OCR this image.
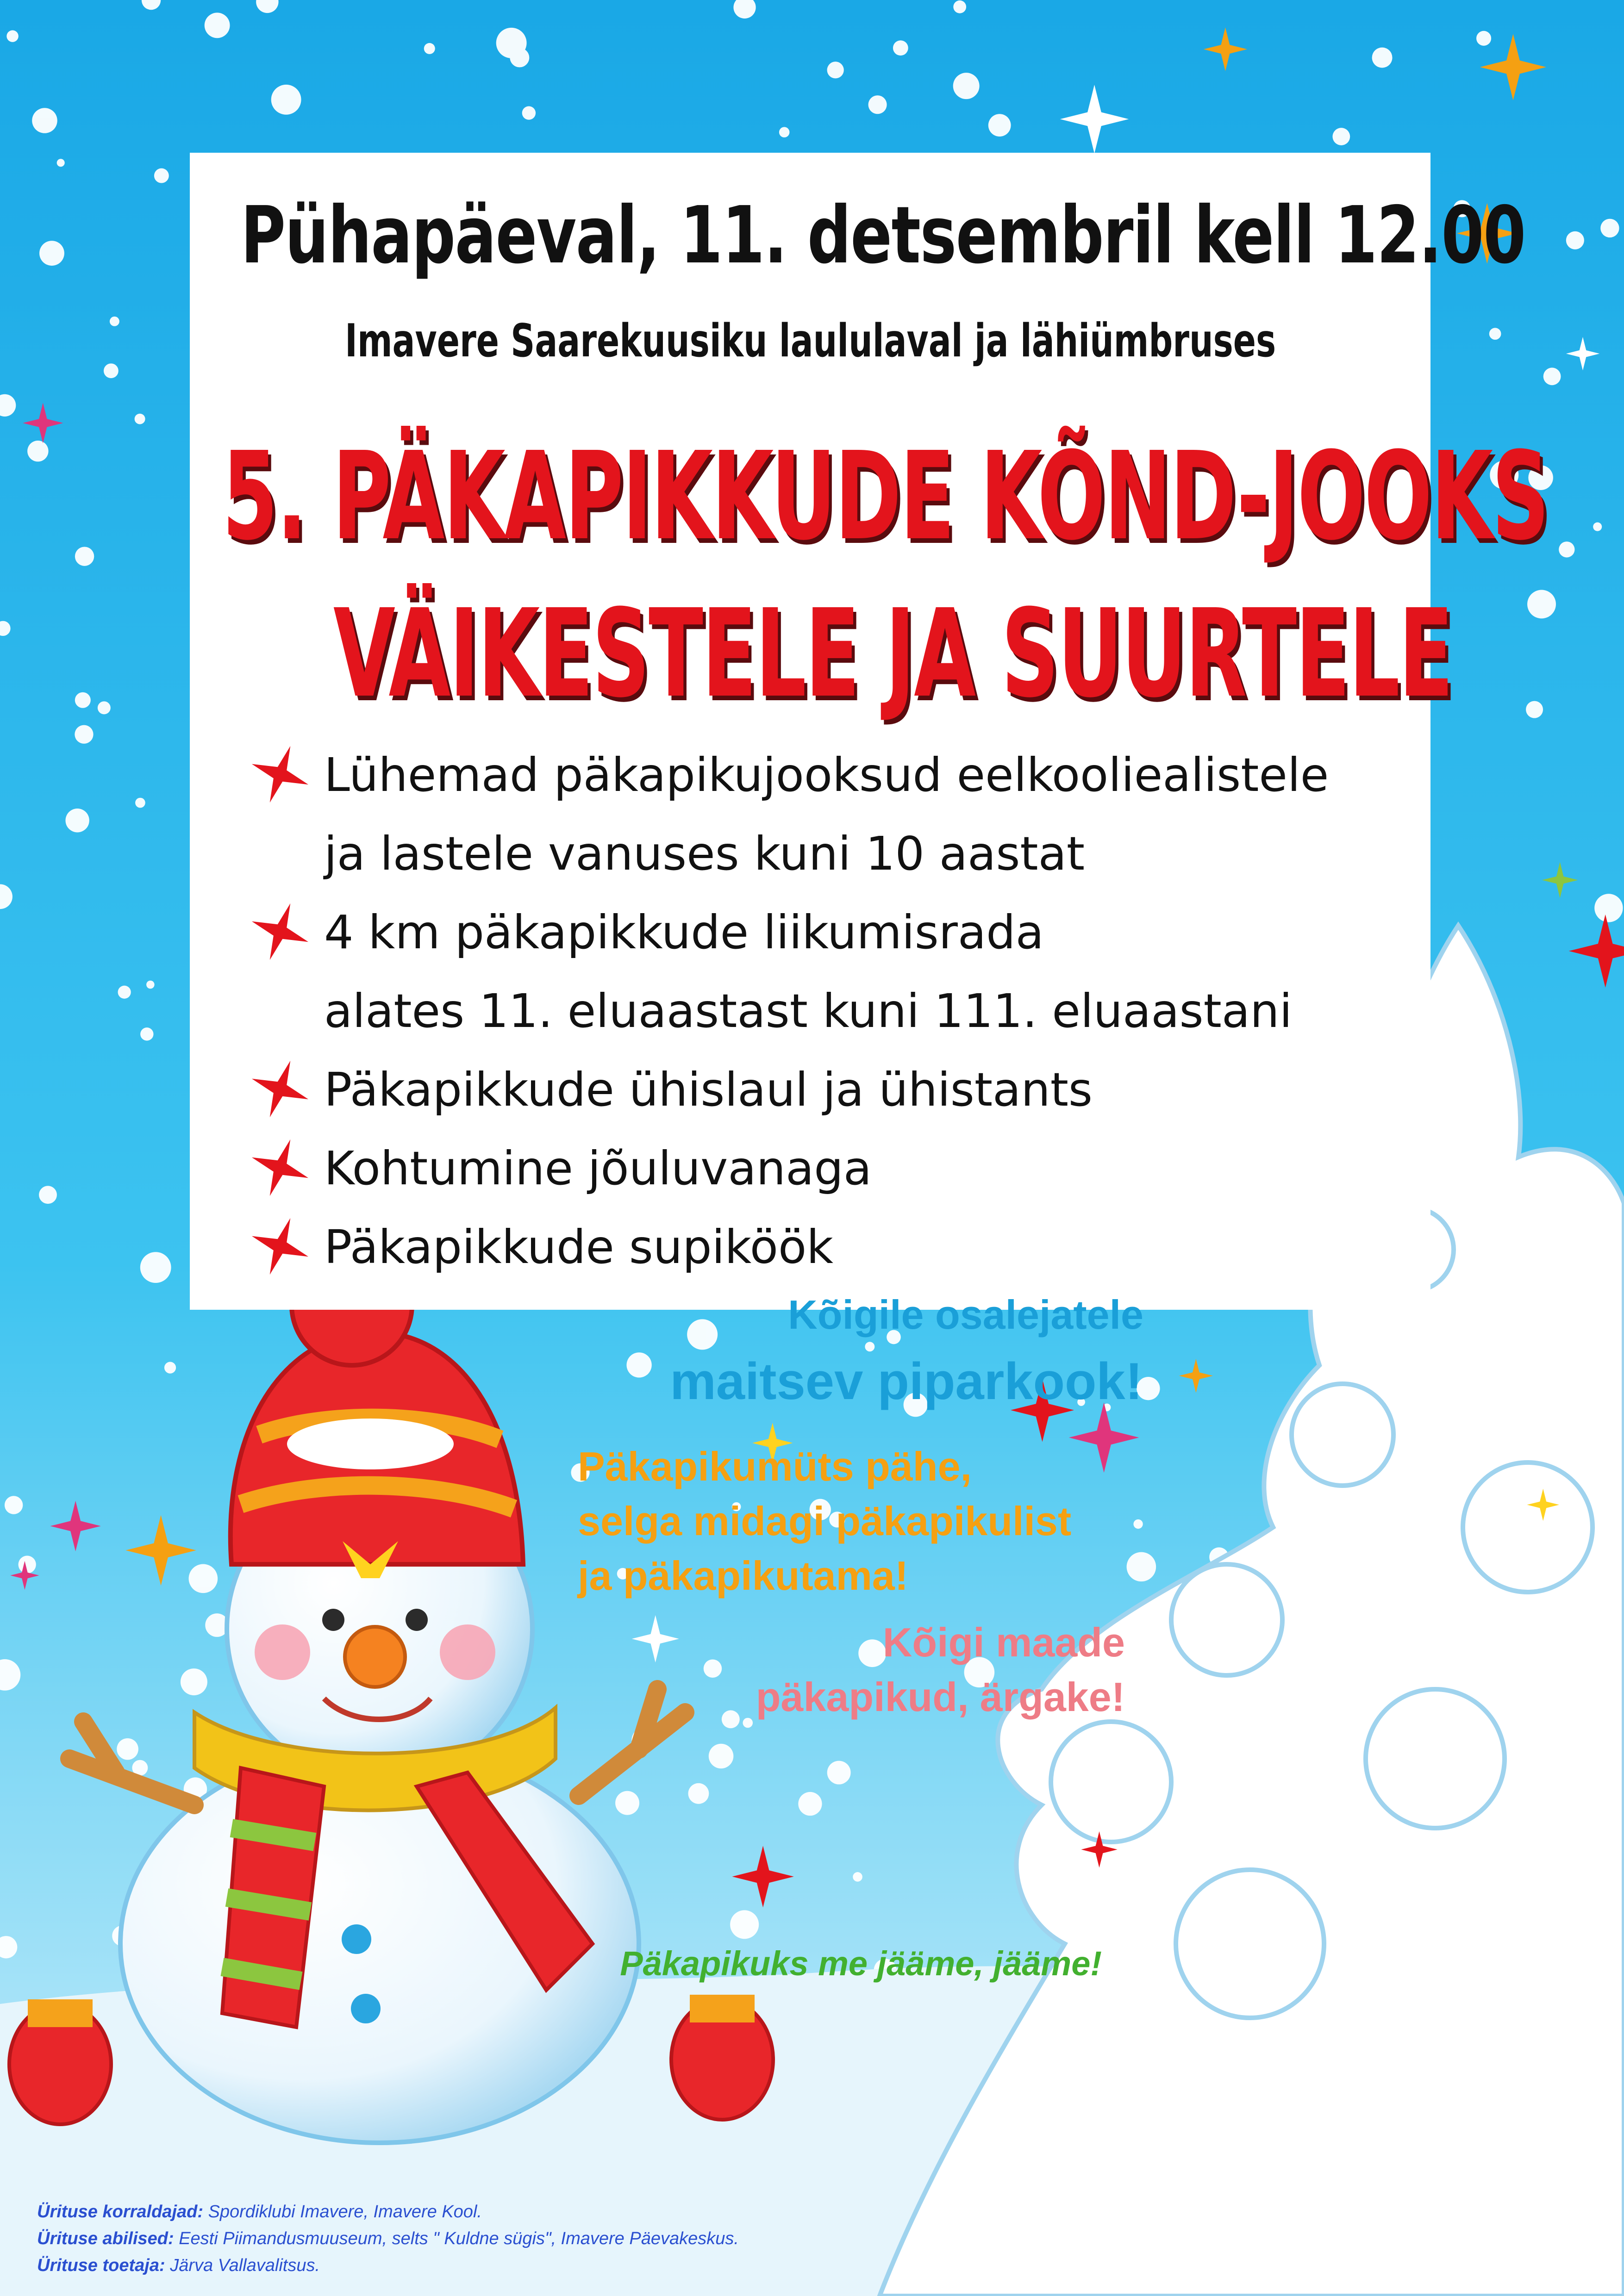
Pühapäeval, 11. detsembril kell 12.00
Imavere Saarekuusiku laululaval ja lähiümbruses
5. PÄKAPIKKUDE KÕND-JOOKS
VÄIKESTELE JA SUURTELE
Lühemad päkapikujooksud eelkooliealistele
ja lastele vanuses kuni 10 aastat
4 km päkapikkude liikumisrada
alates 11. eluaastast kuni 111. eluaastani
Päkapikkude ühislaul ja ühistants
Kohtumine jõuluvanaga
Päkapikkude supiköök

Kõigile osalejatele

maitsev piparkook!

Päkapikumüts pähe,
selga midagi päkapikulist
ja päkapikutama!
Kõigi maade
päkapikud, ärgake!

Päkapikuks me jääme, jääme!

Ürituse korraldajad: Spordiklubi Imavere, Imavere Kool.
Ürituse abilised: Eesti Piimandusmuuseum, selts " Kuldne sügis", Imavere Päevakeskus.
Ürituse toetaja: Järva Vallavalitsus.
